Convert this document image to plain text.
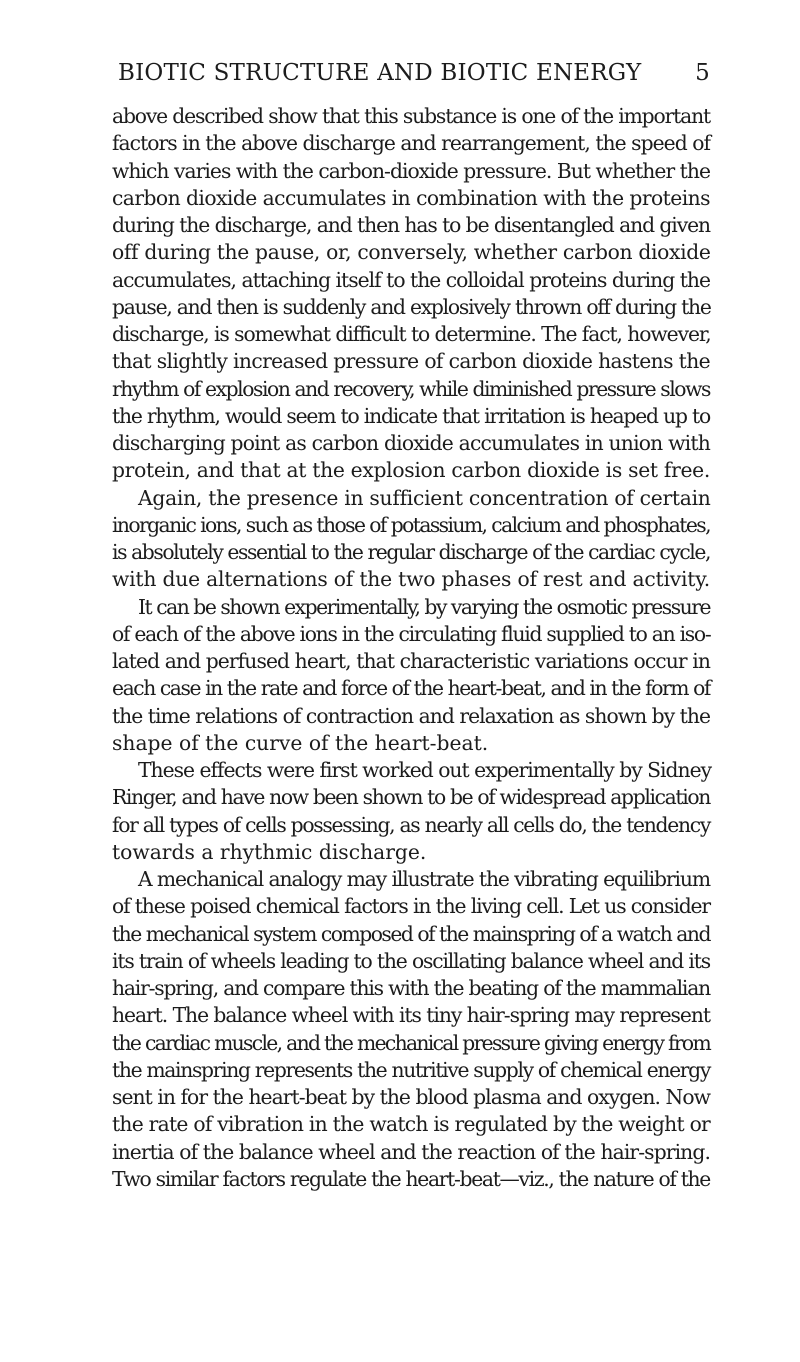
BIOTIC STRUCTURE AND BIOTIC ENERGY 5
above described show that this substance is one of the important
factors in the above discharge and rearrangement, the speed of
which varies with the carbon-dioxide pressure. But whether the
carbon dioxide accumulates in combination with the proteins
during the discharge, and then has to be disentangled and given
off during the pause, or, conversely, whether carbon dioxide
accumulates, attaching itself to the colloidal proteins during the
pause, and then is suddenly and explosively thrown off during the
discharge, is somewhat difficult to determine. The fact, however,
that slightly increased pressure of carbon dioxide hastens the
rhythm of explosion and recovery, while diminished pressure slows
the rhythm, would seem to indicate that irritation is heaped up to
discharging point as carbon dioxide accumulates in union with
protein, and that at the explosion carbon dioxide is set free.
Again, the presence in sufficient concentration of certain
inorganic ions, such as those of potassium, calcium and phosphates,
is absolutely essential to the regular discharge of the cardiac cycle,
with due alternations of the two phases of rest and activity.
It can be shown experimentally, by varying the osmotic pressure
of each of the above ions in the circulating fluid supplied to an iso-
lated and perfused heart, that characteristic variations occur in
each case in the rate and force of the heart-beat, and in the form of
the time relations of contraction and relaxation as shown by the
shape of the curve of the heart-beat.
These effects were first worked out experimentally by Sidney
Ringer, and have now been shown to be of widespread application
for all types of cells possessing, as nearly all cells do, the tendency
towards a rhythmic discharge.
A mechanical analogy may illustrate the vibrating equilibrium
of these poised chemical factors in the living cell. Let us consider
the mechanical system composed of the mainspring of a watch and
its train of wheels leading to the oscillating balance wheel and its
hair-spring, and compare this with the beating of the mammalian
heart. The balance wheel with its tiny hair-spring may represent
the cardiac muscle, and the mechanical pressure giving energy from
the mainspring represents the nutritive supply of chemical energy
sent in for the heart-beat by the blood plasma and oxygen. Now
the rate of vibration in the watch is regulated by the weight or
inertia of the balance wheel and the reaction of the hair-spring.
Two similar factors regulate the heart-beat—viz., the nature of the
